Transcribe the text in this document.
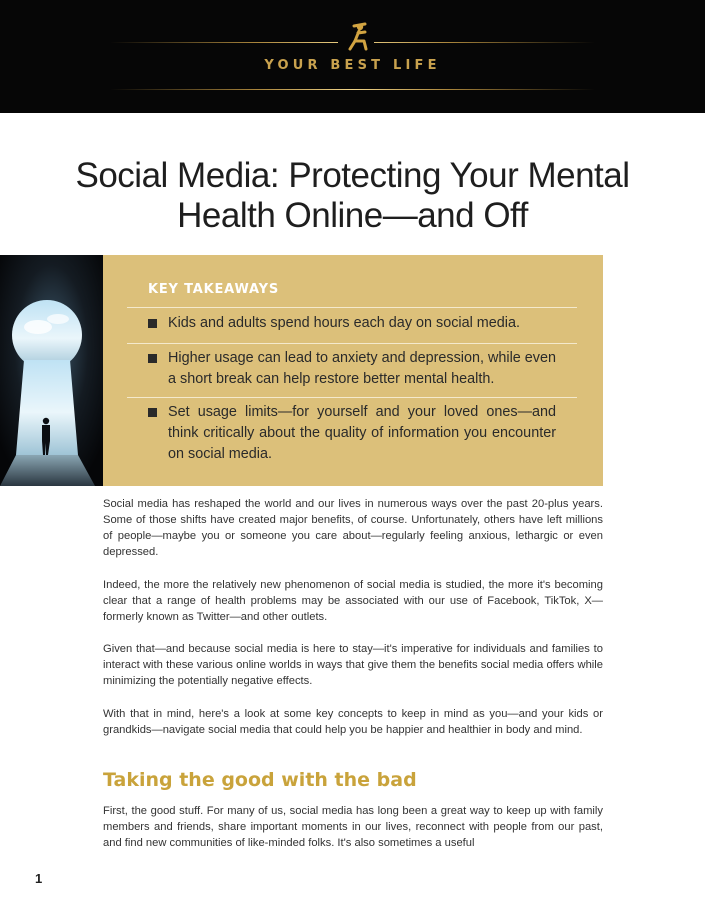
YOUR BEST LIFE
Social Media: Protecting Your Mental Health Online—and Off
KEY TAKEAWAYS
Kids and adults spend hours each day on social media.
Higher usage can lead to anxiety and depression, while even a short break can help restore better mental health.
Set usage limits—for yourself and your loved ones—and think critically about the quality of information you encounter on social media.

Social media has reshaped the world and our lives in numerous ways over the past 20-plus years. Some of those shifts have created major benefits, of course. Unfortunately, others have left millions of people—maybe you or someone you care about—regularly feeling anxious, lethargic or even depressed.

Indeed, the more the relatively new phenomenon of social media is studied, the more it's becoming clear that a range of health problems may be associated with our use of Facebook, TikTok, X—formerly known as Twitter—and other outlets.

Given that—and because social media is here to stay—it's imperative for individuals and families to interact with these various online worlds in ways that give them the benefits social media offers while minimizing the potentially negative effects.

With that in mind, here's a look at some key concepts to keep in mind as you—and your kids or grandkids—navigate social media that could help you be happier and healthier in body and mind.

Taking the good with the bad

First, the good stuff. For many of us, social media has long been a great way to keep up with family members and friends, share important moments in our lives, reconnect with people from our past, and find new communities of like-minded folks. It's also sometimes a useful

1
